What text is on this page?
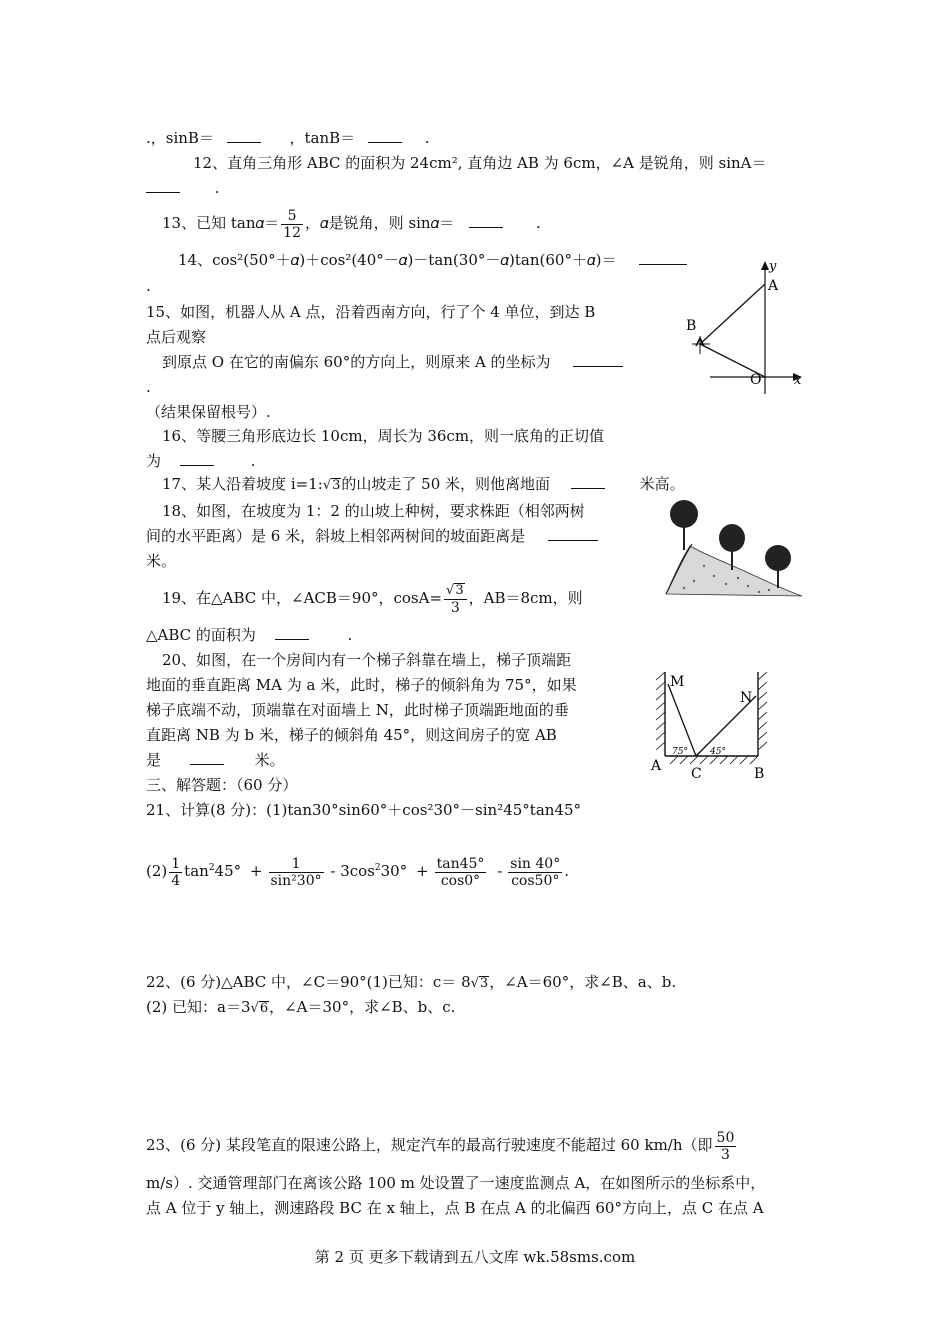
.，sinB＝	，tanB＝	.
12、直角三角形 ABC 的面积为 24cm², 直角边 AB 为 6cm，∠A 是锐角，则 sinA＝
.
13、已知 tan𝛼＝ $\frac{5}{12}$ ，𝛼是锐角，则 sin𝛼＝	.
14、cos²(50°＋𝛼)＋cos²(40°－𝛼)－tan(30°－𝛼)tan(60°＋𝛼)＝
.
15、如图，机器人从 A 点，沿着西南方向，行了个 4 单位，到达 B
点后观察
到原点 O 在它的南偏东 60°的方向上，则原来 A 的坐标为
.
（结果保留根号）.
y
A
B
O	x
16、等腰三角形底边长 10cm，周长为 36cm，则一底角的正切值
为	.
17、某人沿着坡度 i=1:√3的山坡走了 50 米，则他离地面	米高。
18、如图，在坡度为 1：2 的山坡上种树，要求株距（相邻两树
间的水平距离）是 6 米，斜坡上相邻两树间的坡面距离是
米。
19、在△ABC 中，∠ACB＝90°，$\cos A= \frac{√3}{3}$ ，AB＝8cm，则
△ABC 的面积为	.
20、如图，在一个房间内有一个梯子斜靠在墙上，梯子顶端距
地面的垂直距离 MA 为 a 米，此时，梯子的倾斜角为 75°，如果
梯子底端不动，顶端靠在对面墙上 N，此时梯子顶端距地面的垂
直距离 NB 为 b 米，梯子的倾斜角 45°，则这间房子的宽 AB
是	米。
M
N
75° 45°
A C	B
三、解答题：（60 分）
21、计算(8 分)：(1)tan30°sin60°＋cos²30°－sin²45°tan45°
$(2) \frac{1}{4} \tan^245^\circ + \frac{1}{\text{sin²30°}} - 3\cos^230^\circ + \frac{\tan 45^\circ}{\cos 0^\circ} - \frac{\sin 40^\circ}{\cos 50^\circ}$ .
22、(6 分)△ABC 中，∠C＝90°(1)已知：c＝ 8√3，∠A＝60°，求∠B、a、b.
(2) 已知：a＝3√6，∠A＝30°，求∠B、b、c.
23、(6 分) 某段笔直的限速公路上，规定汽车的最高行驶速度不能超过 60 km/h（即 $\frac{50}{3}$
m/s）. 交通管理部门在离该公路 100 m 处设置了一速度监测点 A，在如图所示的坐标系中，
点 A 位于 y 轴上，测速路段 BC 在 x 轴上，点 B 在点 A 的北偏西 60°方向上，点 C 在点 A
第 2 页 更多下载请到五八文库 wk.58sms.com
